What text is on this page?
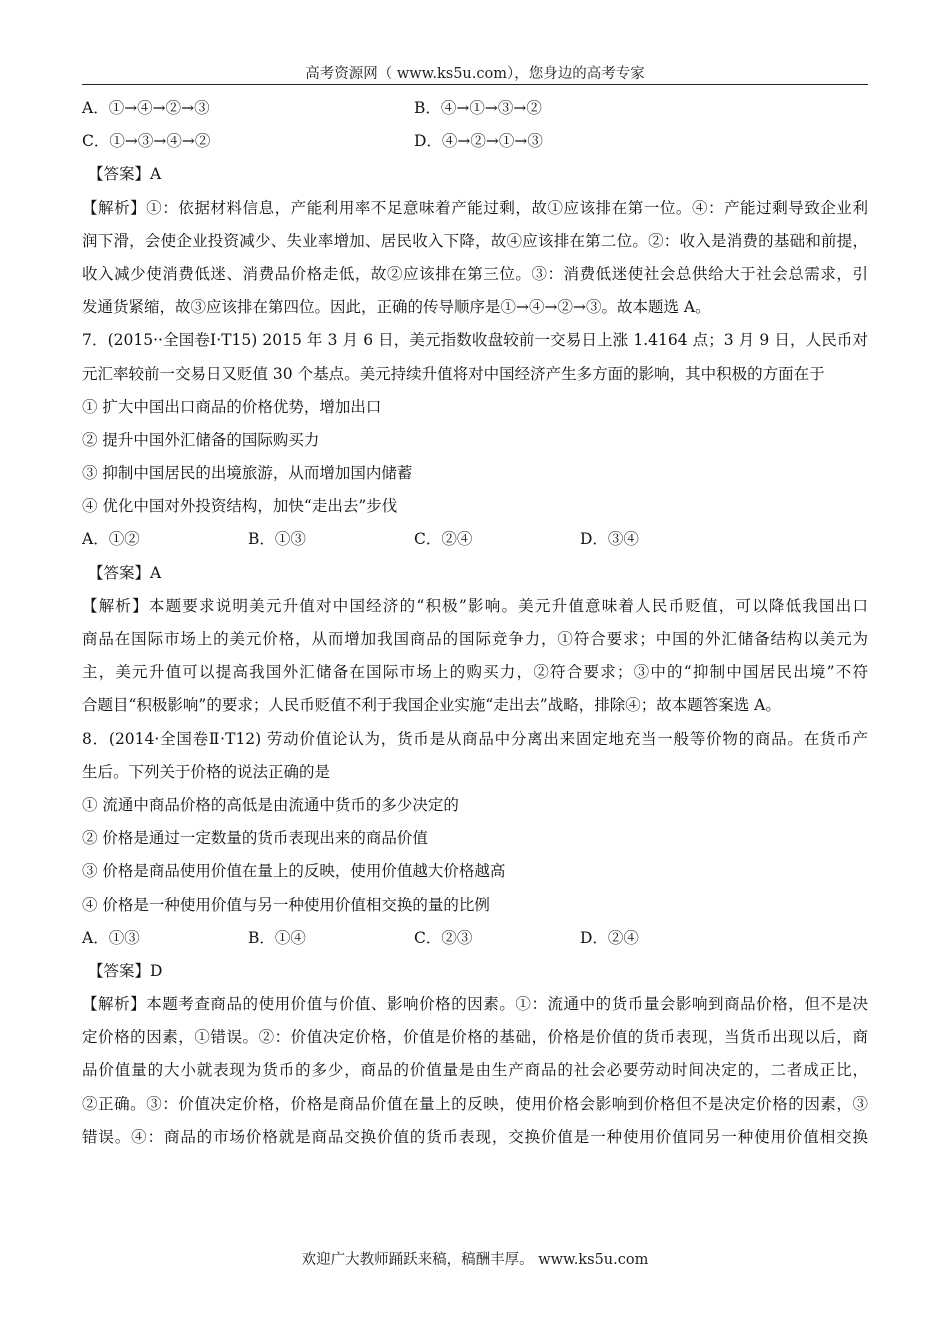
高考资源网（ www.ks5u.com），您身边的高考专家
A．①→④→②→③	B．④→①→③→②
C．①→③→④→②	D．④→②→①→③
【答案】A
【解析】①：依据材料信息，产能利用率不足意味着产能过剩，故①应该排在第一位。④：产能过剩导致企业利
润下滑，会使企业投资减少、失业率增加、居民收入下降，故④应该排在第二位。②：收入是消费的基础和前提，
收入减少使消费低迷、消费品价格走低，故②应该排在第三位。③：消费低迷使社会总供给大于社会总需求，引
发通货紧缩，故③应该排在第四位。因此，正确的传导顺序是①→④→②→③。故本题选 A。
7．(2015··全国卷Ⅰ·T15) 2015 年 3 月 6 日，美元指数收盘较前一交易日上涨 1.4164 点；3 月 9 日，人民币对
元汇率较前一交易日又贬值 30 个基点。美元持续升值将对中国经济产生多方面的影响，其中积极的方面在于
① 扩大中国出口商品的价格优势，增加出口
② 提升中国外汇储备的国际购买力
③ 抑制中国居民的出境旅游，从而增加国内储蓄
④ 优化中国对外投资结构，加快“走出去”步伐
A．①②	B．①③	C．②④	D．③④
【答案】A
【解析】本题要求说明美元升值对中国经济的“积极”影响。美元升值意味着人民币贬值，可以降低我国出口
商品在国际市场上的美元价格，从而增加我国商品的国际竞争力，①符合要求；中国的外汇储备结构以美元为
主，美元升值可以提高我国外汇储备在国际市场上的购买力，②符合要求；③中的“抑制中国居民出境”不符
合题目“积极影响”的要求；人民币贬值不利于我国企业实施“走出去”战略，排除④；故本题答案选 A。
8．(2014·全国卷Ⅱ·T12) 劳动价值论认为，货币是从商品中分离出来固定地充当一般等价物的商品。在货币产
生后。下列关于价格的说法正确的是
① 流通中商品价格的高低是由流通中货币的多少决定的
② 价格是通过一定数量的货币表现出来的商品价值
③ 价格是商品使用价值在量上的反映，使用价值越大价格越高
④ 价格是一种使用价值与另一种使用价值相交换的量的比例
A．①③	B．①④	C．②③	D．②④
【答案】D
【解析】本题考查商品的使用价值与价值、影响价格的因素。①：流通中的货币量会影响到商品价格，但不是决
定价格的因素，①错误。②：价值决定价格，价值是价格的基础，价格是价值的货币表现，当货币出现以后，商
品价值量的大小就表现为货币的多少，商品的价值量是由生产商品的社会必要劳动时间决定的，二者成正比，
②正确。③：价值决定价格，价格是商品价值在量上的反映，使用价格会影响到价格但不是决定价格的因素，③
错误。④：商品的市场价格就是商品交换价值的货币表现，交换价值是一种使用价值同另一种使用价值相交换
欢迎广大教师踊跃来稿，稿酬丰厚。 www.ks5u.com
